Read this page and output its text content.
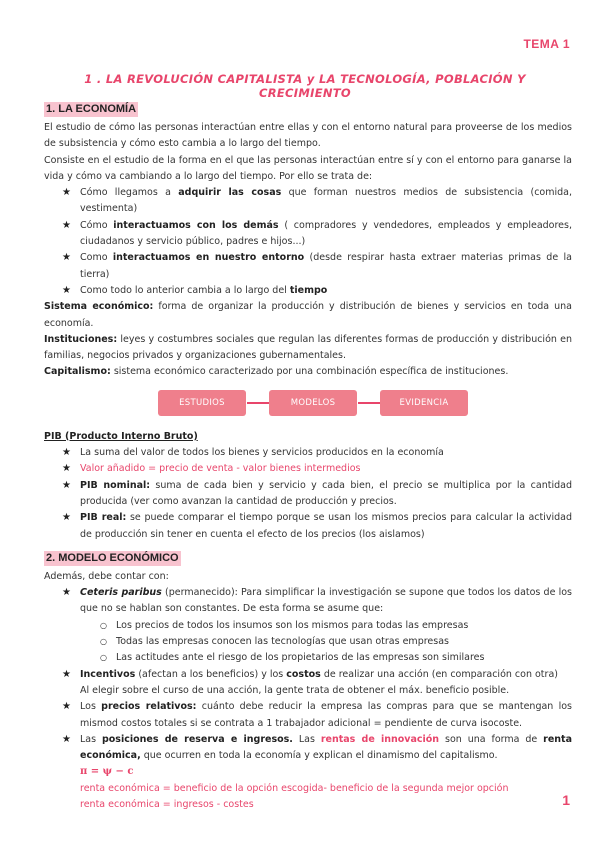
TEMA 1
1 . LA REVOLUCIÓN CAPITALISTA y LA TECNOLOGÍA, POBLACIÓN Y CRECIMIENTO
1. LA ECONOMÍA

El estudio de cómo las personas interactúan entre ellas y con el entorno natural para proveerse de los medios de subsistencia y cómo esto cambia a lo largo del tiempo.

Consiste en el estudio de la forma en el que las personas interactúan entre sí y con el entorno para ganarse la vida y cómo va cambiando a lo largo del tiempo. Por ello se trata de:

★ Cómo llegamos a adquirir las cosas que forman nuestros medios de subsistencia (comida, vestimenta)
★ Cómo interactuamos con los demás ( compradores y vendedores, empleados y empleadores, ciudadanos y servicio público, padres e hijos...)
★ Como interactuamos en nuestro entorno (desde respirar hasta extraer materias primas de la tierra)
★ Como todo lo anterior cambia a lo largo del tiempo

Sistema económico: forma de organizar la producción y distribución de bienes y servicios en toda una economía.

Instituciones: leyes y costumbres sociales que regulan las diferentes formas de producción y distribución en familias, negocios privados y organizaciones gubernamentales.

Capitalismo: sistema económico caracterizado por una combinación específica de instituciones.

ESTUDIOS	MODELOS	EVIDENCIA
PIB (Producto Interno Bruto)
★ La suma del valor de todos los bienes y servicios producidos en la economía
★ Valor añadido = precio de venta - valor bienes intermedios
★ PIB nominal: suma de cada bien y servicio y cada bien, el precio se multiplica por la cantidad producida (ver como avanzan la cantidad de producción y precios.
★ PIB real: se puede comparar el tiempo porque se usan los mismos precios para calcular la actividad de producción sin tener en cuenta el efecto de los precios (los aislamos)
2. MODELO ECONÓMICO

Además, debe contar con:

★ Ceteris paribus (permanecido): Para simplificar la investigación se supone que todos los datos de los que no se hablan son constantes. De esta forma se asume que:
○ Los precios de todos los insumos son los mismos para todas las empresas
○ Todas las empresas conocen las tecnologías que usan otras empresas
○ Las actitudes ante el riesgo de los propietarios de las empresas son similares
★ Incentivos (afectan a los beneficios) y los costos de realizar una acción (en comparación con otra)
Al elegir sobre el curso de una acción, la gente trata de obtener el máx. beneficio posible.
★ Los precios relativos: cuánto debe reducir la empresa las compras para que se mantengan los mismod costos totales si se contrata a 1 trabajador adicional = pendiente de curva isocoste.
★ Las posiciones de reserva e ingresos. Las rentas de innovación son una forma de renta económica, que ocurren en toda la economía y explican el dinamismo del capitalismo.
π = ψ − c
renta económica = beneficio de la opción escogida- beneficio de la segunda mejor opción
renta económica = ingresos - costes	1
